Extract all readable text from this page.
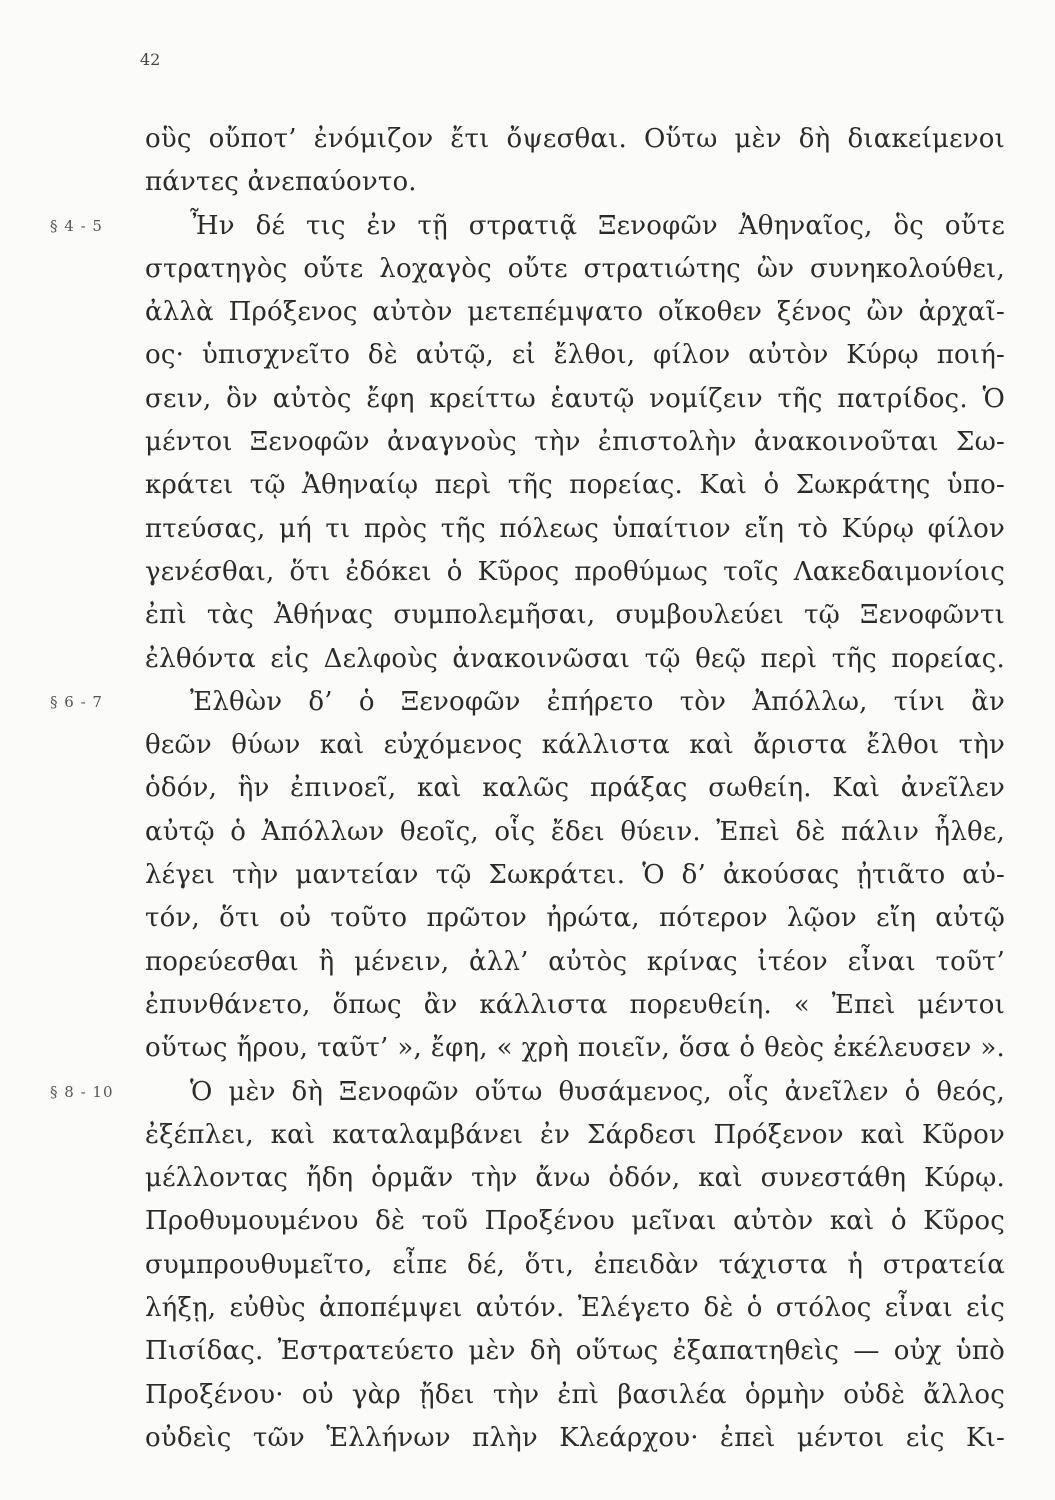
42
οὓς οὔποτ’ ἐνόμιζον ἔτι ὄψεσθαι. Οὕτω μὲν δὴ διακείμενοι
πάντες ἀνεπαύοντο.
§ 4 - 5	Ἦν δέ τις ἐν τῇ στρατιᾷ Ξενοφῶν Ἀθηναῖος, ὃς οὔτε
στρατηγὸς οὔτε λοχαγὸς οὔτε στρατιώτης ὢν συνηκολούθει,
ἀλλὰ Πρόξενος αὐτὸν μετεπέμψατο οἴκοθεν ξένος ὢν ἀρχαῖ-
ος· ὑπισχνεῖτο δὲ αὐτῷ, εἰ ἔλθοι, φίλον αὐτὸν Κύρῳ ποιή-
σειν, ὃν αὐτὸς ἔφη κρείττω ἑαυτῷ νομίζειν τῆς πατρίδος. Ὁ
μέντοι Ξενοφῶν ἀναγνοὺς τὴν ἐπιστολὴν ἀνακοινοῦται Σω-
κράτει τῷ Ἀθηναίῳ περὶ τῆς πορείας. Καὶ ὁ Σωκράτης ὑπο-
πτεύσας, μή τι πρὸς τῆς πόλεως ὑπαίτιον εἴη τὸ Κύρῳ φίλον
γενέσθαι, ὅτι ἐδόκει ὁ Κῦρος προθύμως τοῖς Λακεδαιμονίοις
ἐπὶ τὰς Ἀθήνας συμπολεμῆσαι, συμβουλεύει τῷ Ξενοφῶντι
ἐλθόντα εἰς Δελφοὺς ἀνακοινῶσαι τῷ θεῷ περὶ τῆς πορείας.
§ 6 - 7	Ἐλθὼν δ’ ὁ Ξενοφῶν ἐπήρετο τὸν Ἀπόλλω, τίνι ἂν
θεῶν θύων καὶ εὐχόμενος κάλλιστα καὶ ἄριστα ἔλθοι τὴν
ὁδόν, ἣν ἐπινοεῖ, καὶ καλῶς πράξας σωθείη. Καὶ ἀνεῖλεν
αὐτῷ ὁ Ἀπόλλων θεοῖς, οἷς ἔδει θύειν. Ἐπεὶ δὲ πάλιν ἦλθε,
λέγει τὴν μαντείαν τῷ Σωκράτει. Ὁ δ’ ἀκούσας ᾐτιᾶτο αὐ-
τόν, ὅτι οὐ τοῦτο πρῶτον ἠρώτα, πότερον λῷον εἴη αὐτῷ
πορεύεσθαι ἢ μένειν, ἀλλ’ αὐτὸς κρίνας ἰτέον εἶναι τοῦτ’
ἐπυνθάνετο, ὅπως ἂν κάλλιστα πορευθείη. « Ἐπεὶ μέντοι
οὕτως ἤρου, ταῦτ’ », ἔφη, « χρὴ ποιεῖν, ὅσα ὁ θεὸς ἐκέλευσεν ».
§ 8 - 10	Ὁ μὲν δὴ Ξενοφῶν οὕτω θυσάμενος, οἷς ἀνεῖλεν ὁ θεός,
ἐξέπλει, καὶ καταλαμβάνει ἐν Σάρδεσι Πρόξενον καὶ Κῦρον
μέλλοντας ἤδη ὁρμᾶν τὴν ἄνω ὁδόν, καὶ συνεστάθη Κύρῳ.
Προθυμουμένου δὲ τοῦ Προξένου μεῖναι αὐτὸν καὶ ὁ Κῦρος
συμπρουθυμεῖτο, εἶπε δέ, ὅτι, ἐπειδὰν τάχιστα ἡ στρατεία
λήξῃ, εὐθὺς ἀποπέμψει αὐτόν. Ἐλέγετο δὲ ὁ στόλος εἶναι εἰς
Πισίδας. Ἐστρατεύετο μὲν δὴ οὕτως ἐξαπατηθεὶς — οὐχ ὑπὸ
Προξένου· οὐ γὰρ ᾔδει τὴν ἐπὶ βασιλέα ὁρμὴν οὐδὲ ἄλλος
οὐδεὶς τῶν Ἑλλήνων πλὴν Κλεάρχου· ἐπεὶ μέντοι εἰς Κι-
